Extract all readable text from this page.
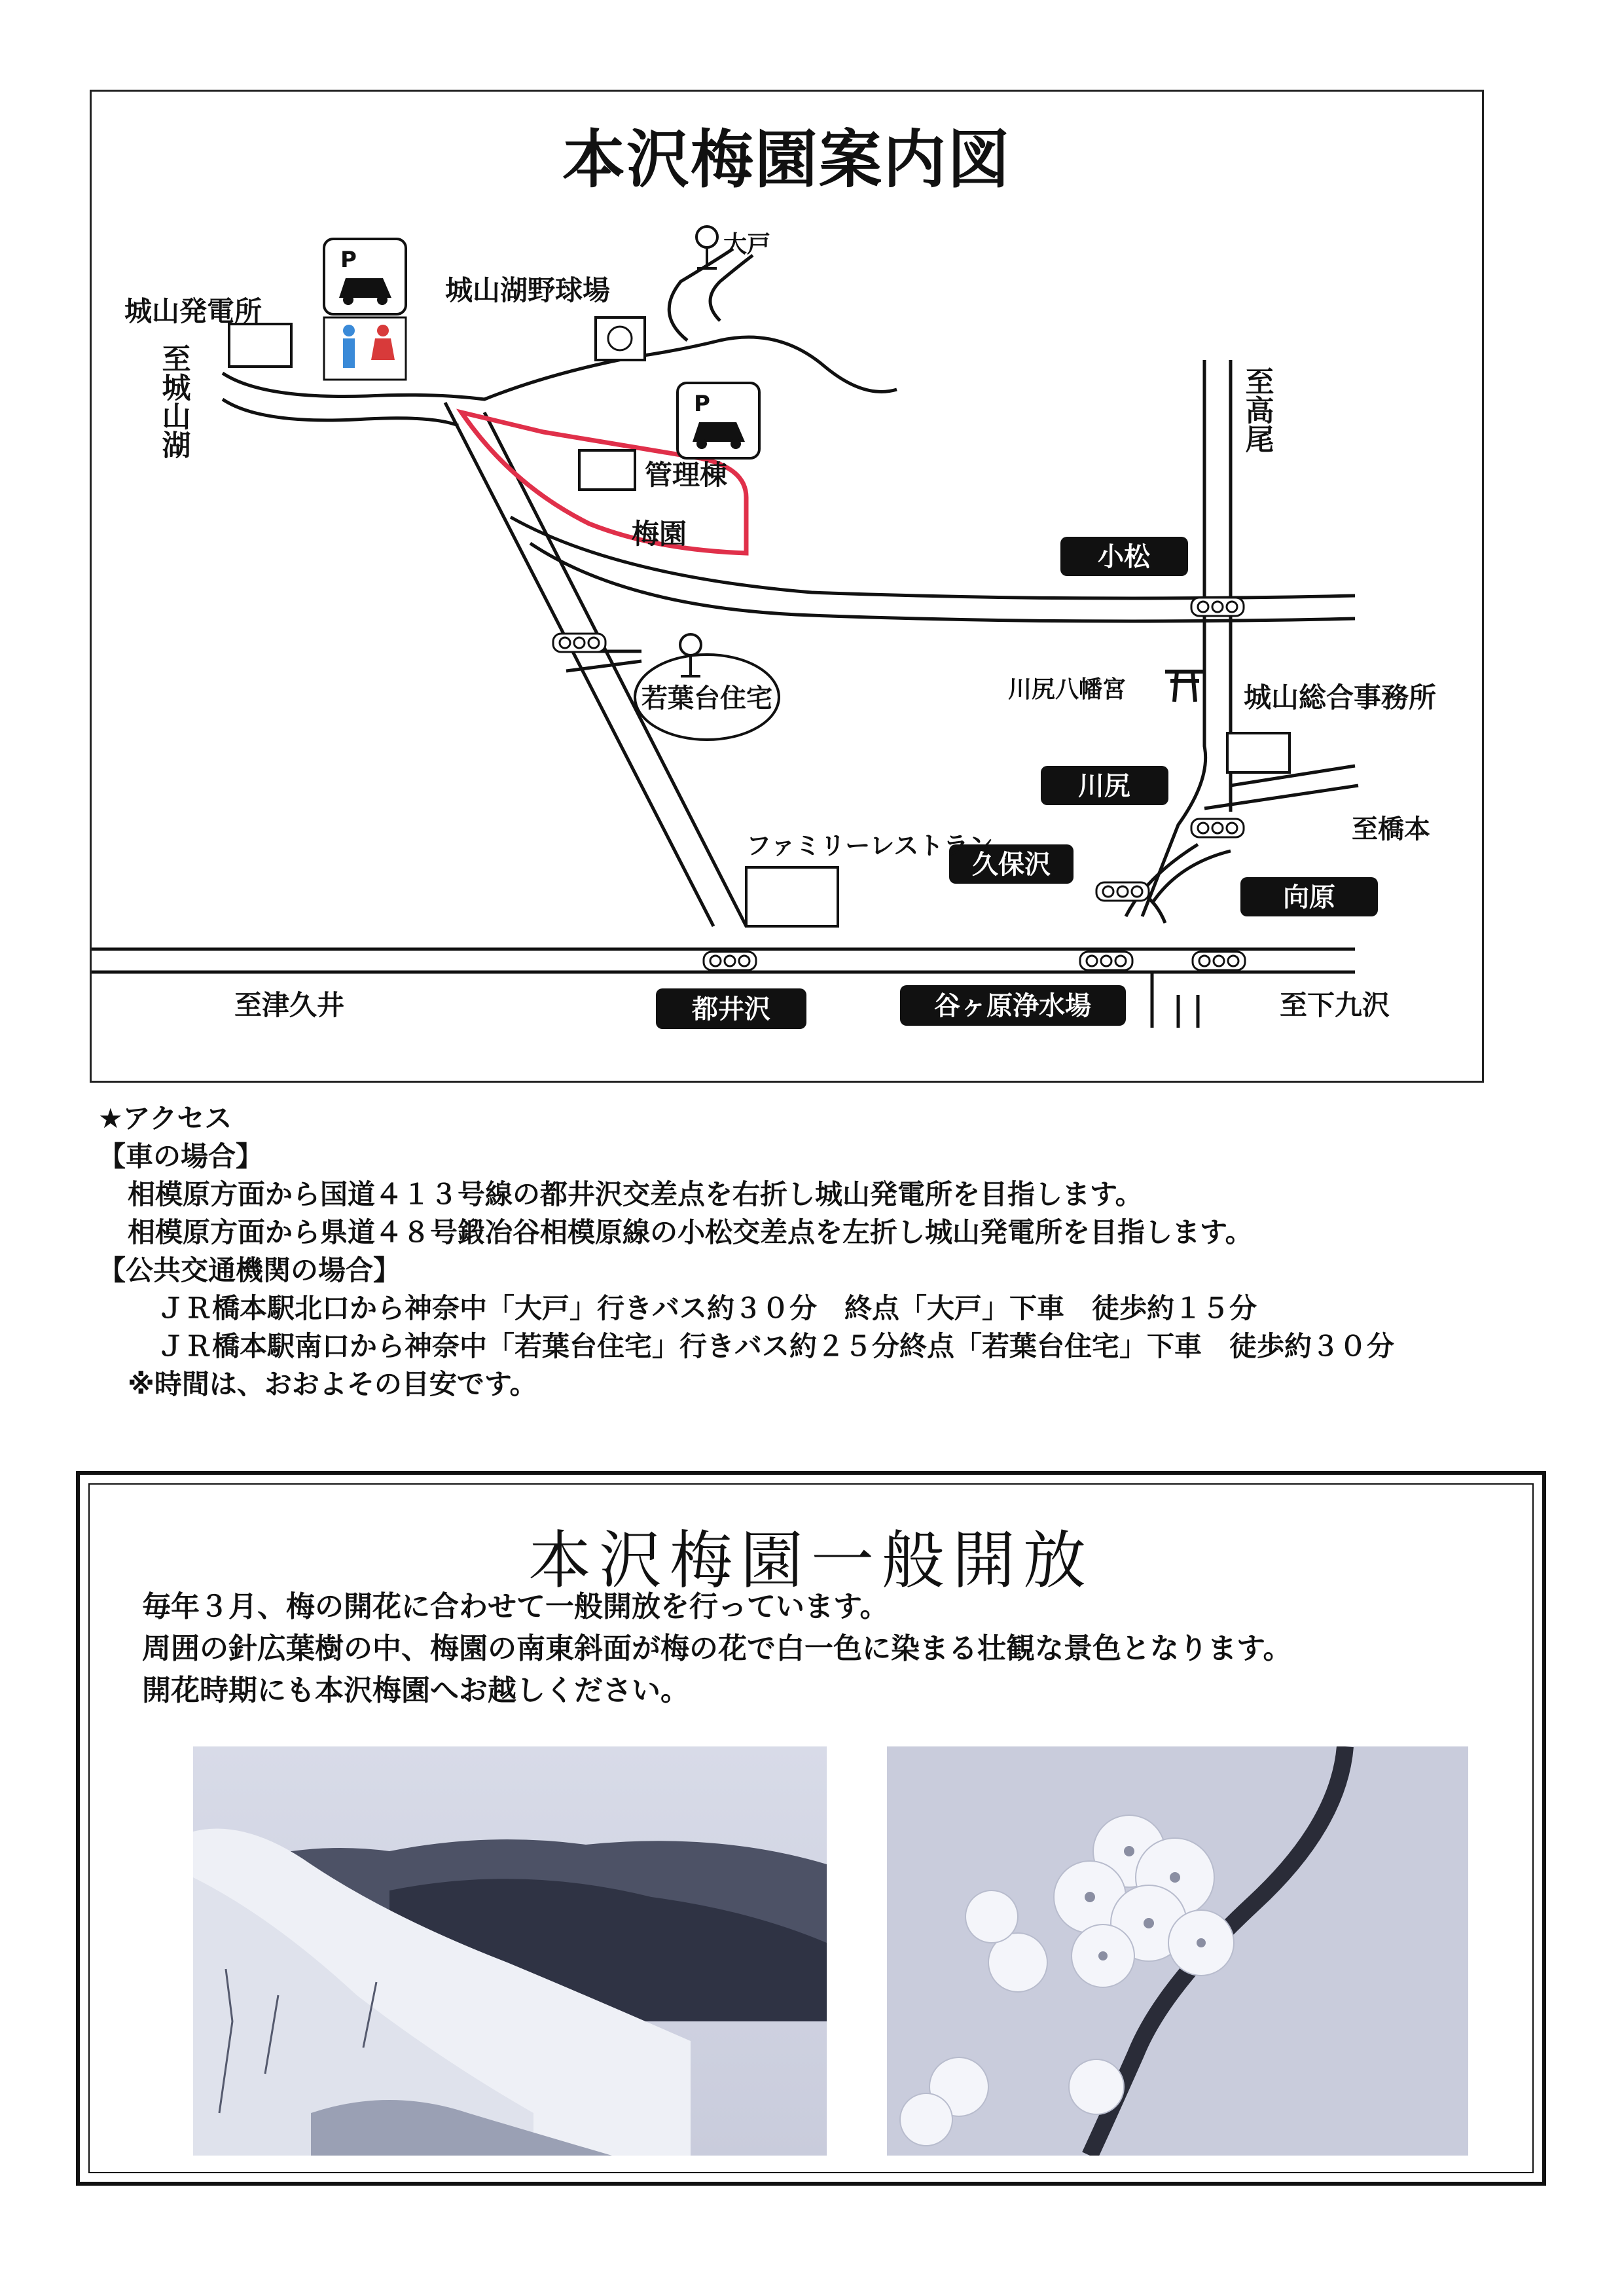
本沢梅園案内図
P
P
小松
川尻
久保沢
向原
都井沢	谷ヶ原浄水場
城山発電所
城山湖野球場
大戸
管理棟
梅園
若葉台住宅	川尻八幡宮	城山総合事務所
至橋本
ファミリーレストラン
至津久井	至下九沢
至城山湖	至高尾
★アクセス
【車の場合】
相模原方面から国道４１３号線の都井沢交差点を右折し城山発電所を目指します。
相模原方面から県道４８号鍛冶谷相模原線の小松交差点を左折し城山発電所を目指します。
【公共交通機関の場合】
ＪＲ橋本駅北口から神奈中「大戸」行きバス約３０分　終点「大戸」下車　徒歩約１５分
ＪＲ橋本駅南口から神奈中「若葉台住宅」行きバス約２５分終点「若葉台住宅」下車　徒歩約３０分
※時間は、おおよその目安です。
本沢梅園一般開放
毎年３月、梅の開花に合わせて一般開放を行っています。
周囲の針広葉樹の中、梅園の南東斜面が梅の花で白一色に染まる壮観な景色となります。
開花時期にも本沢梅園へお越しください。
